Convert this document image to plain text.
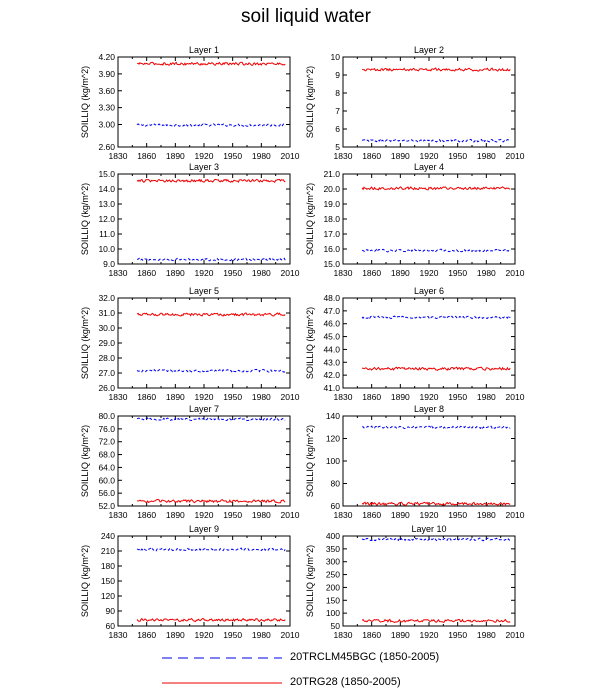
soil liquid water
Layer 1
1830 1860 1890 1920 1950 1980 2010
2.60
3.00
3.30
3.60
3.90
4.20
SOILLIQ (kg/m^2)
Layer 2
1830 1860 1890 1920 1950 1980 2010
5
6
7
8
9
10
SOILLIQ (kg/m^2)
Layer 3
1830 1860 1890 1920 1950 1980 2010
9.0
10.0
11.0
12.0
13.0
14.0
15.0
SOILLIQ (kg/m^2)
Layer 4
1830 1860 1890 1920 1950 1980 2010
15.0
16.0
17.0
18.0
19.0
20.0
21.0
SOILLIQ (kg/m^2)
Layer 5
1830 1860 1890 1920 1950 1980 2010
26.0
27.0
28.0
29.0
30.0
31.0
32.0
SOILLIQ (kg/m^2)
Layer 6
1830 1860 1890 1920 1950 1980 2010
41.0
42.0
43.0
44.0
45.0
46.0
47.0
48.0
SOILLIQ (kg/m^2)
Layer 7
1830 1860 1890 1920 1950 1980 2010
52.0
56.0
60.0
64.0
68.0
72.0
76.0
80.0
SOILLIQ (kg/m^2)
Layer 8
1830 1860 1890 1920 1950 1980 2010
60
80
100
120
140
SOILLIQ (kg/m^2)
Layer 9
1830 1860 1890 1920 1950 1980 2010
60
90
120
150
180
210
240
SOILLIQ (kg/m^2)
Layer 10
1830 1860 1890 1920 1950 1980 2010
50
100
150
200
250
300
350
400
SOILLIQ (kg/m^2)
20TRCLM45BGC (1850-2005)
20TRG28 (1850-2005)
